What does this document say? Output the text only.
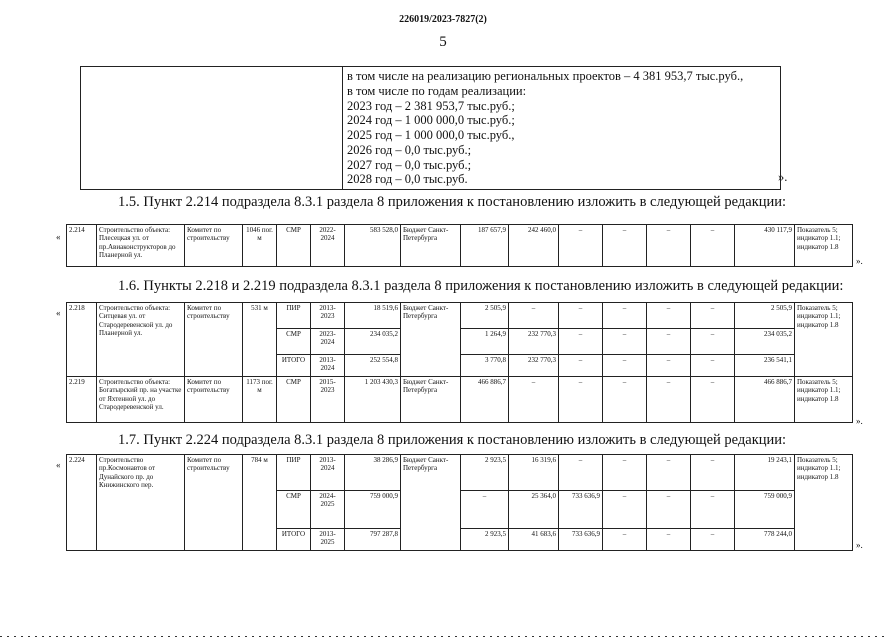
226019/2023-7827(2)
5

в том числе на реализацию региональных проектов – 4 381 953,7 тыс.руб.,
в том числе по годам реализации:
2023 год – 2 381 953,7 тыс.руб.;
2024 год – 1 000 000,0 тыс.руб.;
2025 год – 1 000 000,0 тыс.руб.,
2026 год – 0,0 тыс.руб.;
2027 год – 0,0 тыс.руб.;
2028 год – 0,0 тыс.руб.	».
1.5. Пункт 2.214 подраздела 8.3.1 раздела 8 приложения к постановлению изложить в следующей редакции:
«
2.214	Строительство объекта: Плесецкая ул. от пр.Авиаконструкторов до Планерной ул.	Комитет по строительству	1046 пог. м	СМР	2022-2024	583 528,0	Бюджет Санкт-Петербурга	187 657,9	242 460,0	–	–	–	–	430 117,9	Показатель 5; индикатор 1.1; индикатор 1.8
».
1.6. Пункты 2.218 и 2.219 подраздела 8.3.1 раздела 8 приложения к постановлению изложить в следующей редакции:
« 2.218	Строительство объекта: Ситцевая ул. от Стародеревенской ул. до Планерной ул.	Комитет по строительству	531 м	ПИР	2013-2023	18 519,6	Бюджет Санкт-Петербурга	2 505,9	–	–	–	–	–	2 505,9	Показатель 5; индикатор 1.1; индикатор 1.8
				СМР	2023-2024	234 035,2		1 264,9	232 770,3	–	–	–	–	234 035,2	
				ИТОГО	2013-2024	252 554,8		3 770,8	232 770,3	–	–	–	–	236 541,1	
2.219	Строительство объекта: Богатырский пр. на участке от Яхтенной ул. до Стародеревенской ул.	Комитет по строительству	1173 пог. м	СМР	2015-2023	1 203 430,3	Бюджет Санкт-Петербурга	466 886,7	–	–	–	–	–	466 886,7	Показатель 5; индикатор 1.1; индикатор 1.8
».
1.7. Пункт 2.224 подраздела 8.3.1 раздела 8 приложения к постановлению изложить в следующей редакции:
« 2.224	Строительство пр.Космонавтов от Дунайского пр. до Книжинского пер.	Комитет по строительству	784 м	ПИР	2013-2024	38 286,9	Бюджет Санкт-Петербурга	2 923,5	16 319,6	–	–	–	–	19 243,1	Показатель 5; индикатор 1.1; индикатор 1.8
				СМР	2024-2025	759 000,9		–	25 364,0	733 636,9	–	–	–	759 000,9	
				ИТОГО	2013-2025	797 287,8		2 923,5	41 683,6	733 636,9	–	–	–	778 244,0	
».
